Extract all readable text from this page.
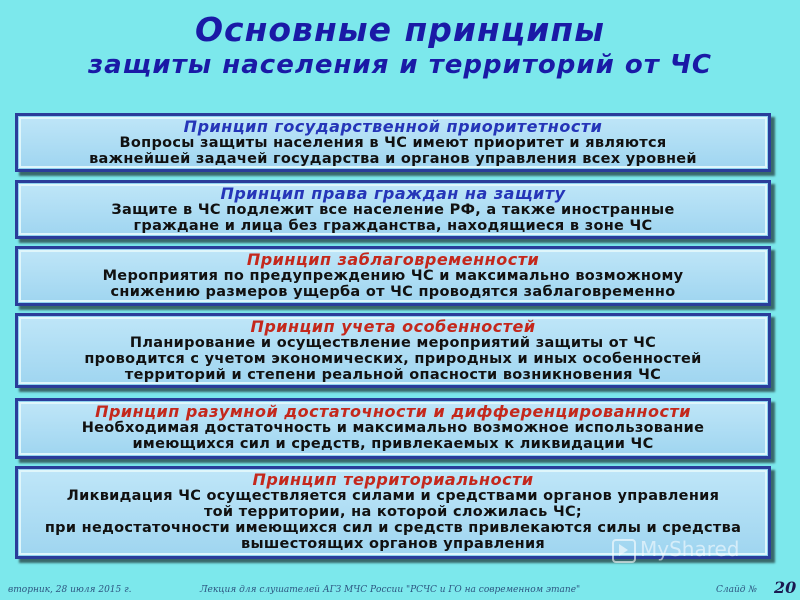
Основные принципы
защиты населения и территорий от ЧС
Принцип государственной приоритетности
Вопросы защиты населения в ЧС имеют приоритет и являются
важнейшей задачей государства и органов управления всех уровней
Принцип права граждан на защиту
Защите в ЧС подлежит все население РФ, а также иностранные
граждане и лица без гражданства, находящиеся в зоне ЧС
Принцип заблаговременности
Мероприятия по предупреждению ЧС и максимально возможному
снижению размеров ущерба от ЧС проводятся заблаговременно
Принцип учета особенностей
Планирование и осуществление мероприятий защиты от ЧС
проводится с учетом экономических, природных и иных особенностей
территорий и степени реальной опасности возникновения ЧС
Принцип разумной достаточности и дифференцированности
Необходимая достаточность и максимально возможное использование
имеющихся сил и средств, привлекаемых к ликвидации ЧС
Принцип территориальности
Ликвидация ЧС осуществляется силами и средствами органов управления
той территории, на которой сложилась ЧС;
при недостаточности имеющихся сил и средств привлекаются силы и средства
вышестоящих органов управления	MyShared
вторник, 28 июля 2015 г.	Лекция для слушателей АГЗ МЧС России "РСЧС и ГО на современном этапе"	Слайд № 20
